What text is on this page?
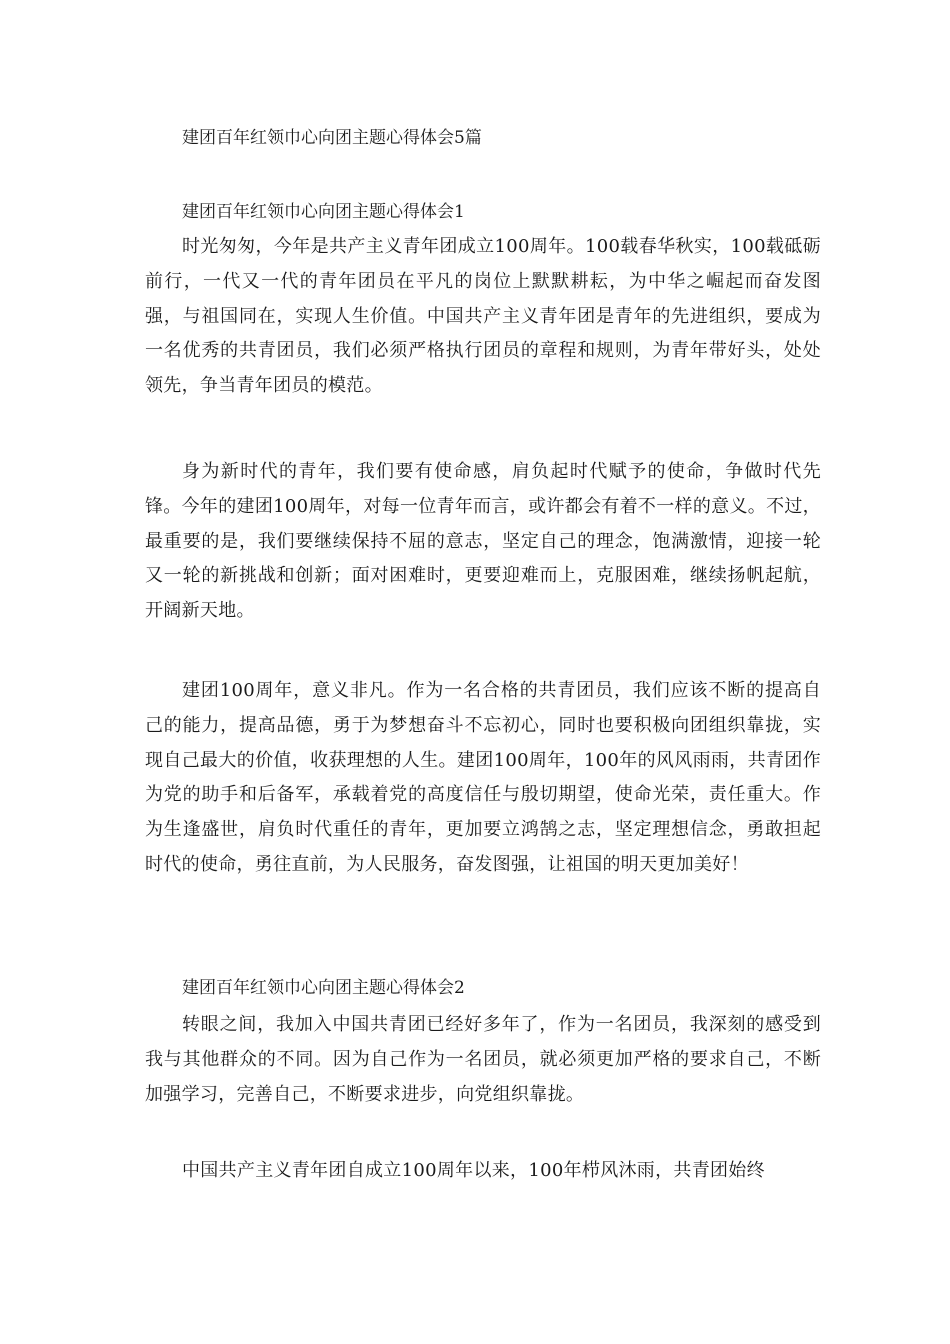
建团百年红领巾心向团主题心得体会5篇
建团百年红领巾心向团主题心得体会1

时光匆匆，今年是共产主义青年团成立100周年。100载春华秋实，100载砥砺前行，一代又一代的青年团员在平凡的岗位上默默耕耘，为中华之崛起而奋发图强，与祖国同在，实现人生价值。中国共产主义青年团是青年的先进组织，要成为一名优秀的共青团员，我们必须严格执行团员的章程和规则，为青年带好头，处处领先，争当青年团员的模范。

身为新时代的青年，我们要有使命感，肩负起时代赋予的使命，争做时代先锋。今年的建团100周年，对每一位青年而言，或许都会有着不一样的意义。不过，最重要的是，我们要继续保持不屈的意志，坚定自己的理念，饱满激情，迎接一轮又一轮的新挑战和创新；面对困难时，更要迎难而上，克服困难，继续扬帆起航，开阔新天地。

建团100周年，意义非凡。作为一名合格的共青团员，我们应该不断的提高自己的能力，提高品德，勇于为梦想奋斗不忘初心，同时也要积极向团组织靠拢，实现自己最大的价值，收获理想的人生。建团100周年，100年的风风雨雨，共青团作为党的助手和后备军，承载着党的高度信任与殷切期望，使命光荣，责任重大。作为生逢盛世，肩负时代重任的青年，更加要立鸿鹄之志，坚定理想信念，勇敢担起时代的使命，勇往直前，为人民服务，奋发图强，让祖国的明天更加美好！

建团百年红领巾心向团主题心得体会2

转眼之间，我加入中国共青团已经好多年了，作为一名团员，我深刻的感受到我与其他群众的不同。因为自己作为一名团员，就必须更加严格的要求自己，不断加强学习，完善自己，不断要求进步，向党组织靠拢。

中国共产主义青年团自成立100周年以来，100年栉风沐雨，共青团始终
